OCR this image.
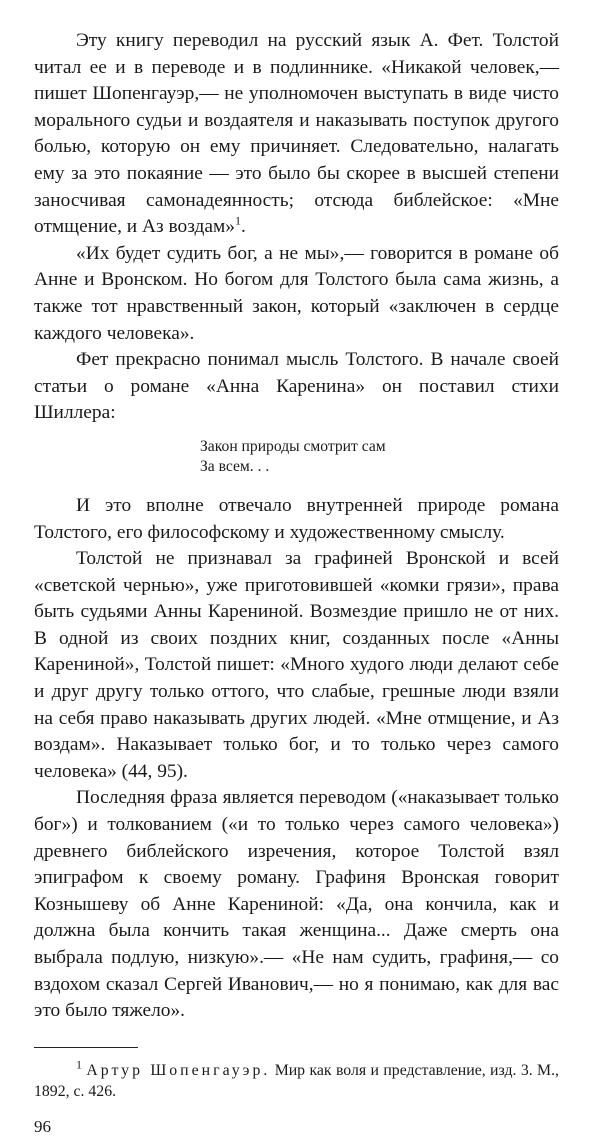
Эту книгу переводил на русский язык А. Фет. Толстой читал ее и в переводе и в подлиннике. «Никакой человек,— пишет Шопенгауэр,— не уполномочен выступать в виде чисто морального судьи и воздаятеля и наказывать поступок другого болью, которую он ему причиняет. Следовательно, налагать ему за это покаяние — это было бы скорее в высшей степени заносчивая самонадеянность; отсюда библейское: «Мне отмщение, и Аз воздам»$^1$.

«Их будет судить бог, а не мы»,— говорится в романе об Анне и Вронском. Но богом для Толстого была сама жизнь, а также тот нравственный закон, который «заключен в сердце каждого человека».

Фет прекрасно понимал мысль Толстого. В начале своей статьи о романе «Анна Каренина» он поставил стихи Шиллера:

Закон природы смотрит сам
За всем. . .

И это вполне отвечало внутренней природе романа Толстого, его философскому и художественному смыслу.

Толстой не признавал за графиней Вронской и всей «светской чернью», уже приготовившей «комки грязи», права быть судьями Анны Карениной. Возмездие пришло не от них. В одной из своих поздних книг, созданных после «Анны Карениной», Толстой пишет: «Много худого люди делают себе и друг другу только оттого, что слабые, грешные люди взяли на себя право наказывать других людей. «Мне отмщение, и Аз воздам». Наказывает только бог, и то только через самого человека» (44, 95).

Последняя фраза является переводом («наказывает только бог») и толкованием («и то только через самого человека») древнего библейского изречения, которое Толстой взял эпиграфом к своему роману. Графиня Вронская говорит Кознышеву об Анне Карениной: «Да, она кончила, как и должна была кончить такая женщина... Даже смерть она выбрала подлую, низкую».— «Не нам судить, графиня,— со вздохом сказал Сергей Иванович,— но я понимаю, как для вас это было тяжело».

$^1$ Артур Шопенгауэр. Мир как воля и представление, изд. 3. М., 1892, с. 426.

96
